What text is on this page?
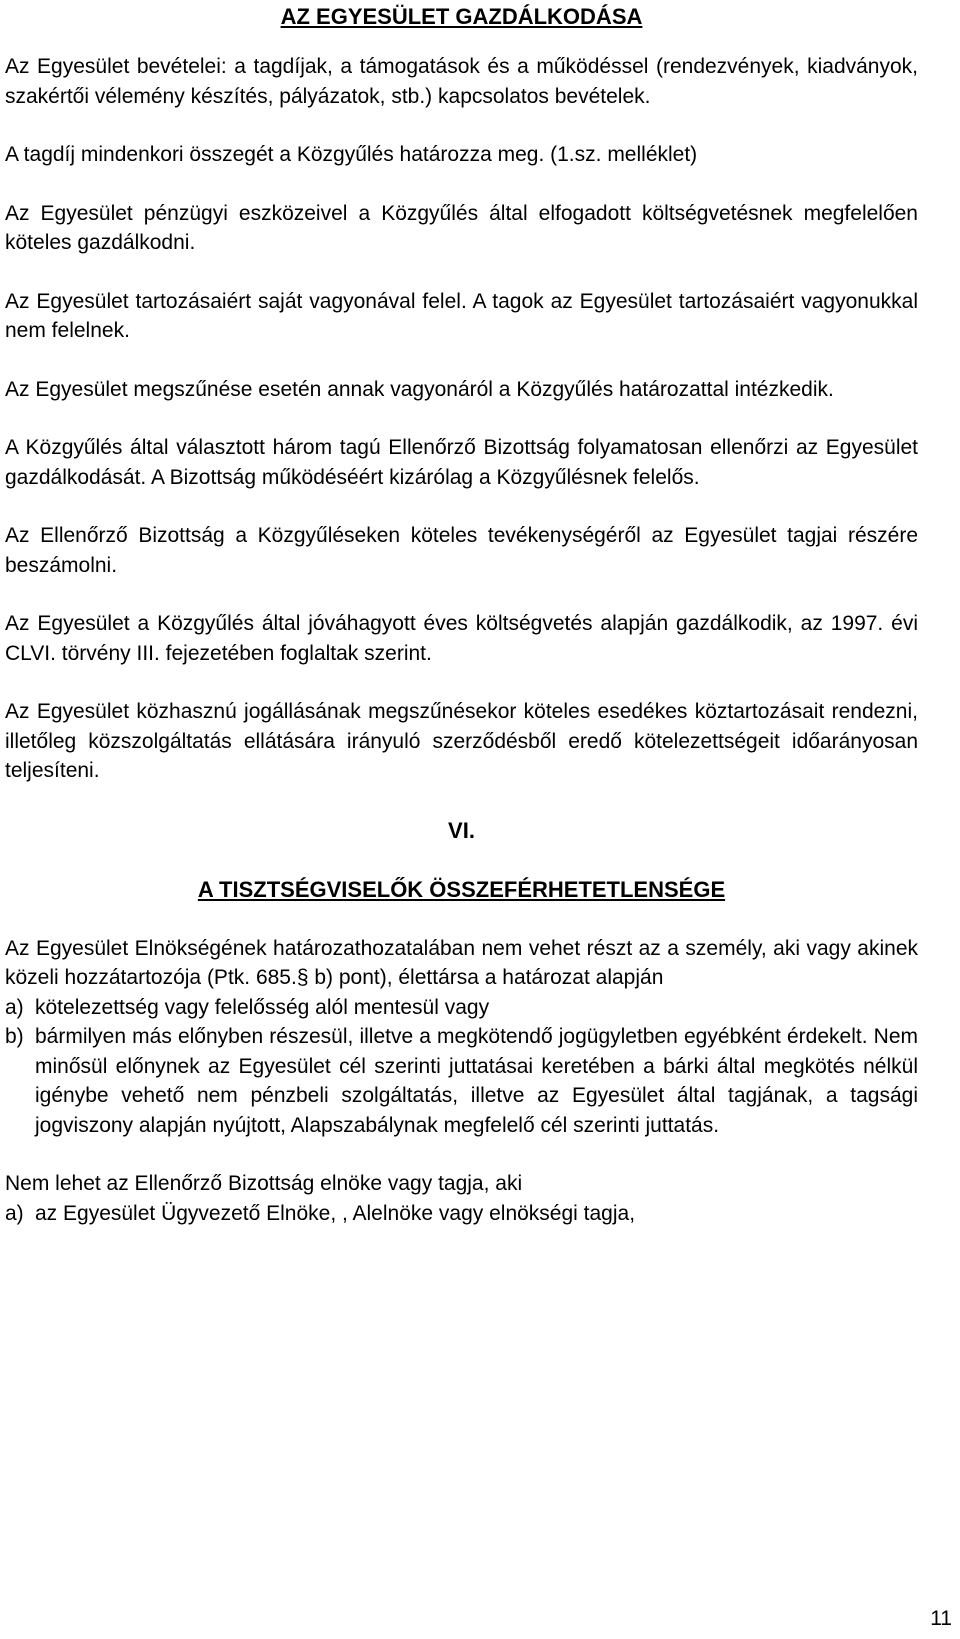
AZ EGYESÜLET GAZDÁLKODÁSA

Az Egyesület bevételei: a tagdíjak, a támogatások és a működéssel (rendezvények, kiadványok, szakértői vélemény készítés, pályázatok, stb.) kapcsolatos bevételek.

A tagdíj mindenkori összegét a Közgyűlés határozza meg. (1.sz. melléklet)

Az Egyesület pénzügyi eszközeivel a Közgyűlés által elfogadott költségvetésnek megfelelően köteles gazdálkodni.

Az Egyesület tartozásaiért saját vagyonával felel. A tagok az Egyesület tartozásaiért vagyonukkal nem felelnek.

Az Egyesület megszűnése esetén annak vagyonáról a Közgyűlés határozattal intézkedik.

A Közgyűlés által választott három tagú Ellenőrző Bizottság folyamatosan ellenőrzi az Egyesület gazdálkodását. A Bizottság működéséért kizárólag a Közgyűlésnek felelős.

Az Ellenőrző Bizottság a Közgyűléseken köteles tevékenységéről az Egyesület tagjai részére beszámolni.

Az Egyesület a Közgyűlés által jóváhagyott éves költségvetés alapján gazdálkodik, az 1997. évi CLVI. törvény III. fejezetében foglaltak szerint.

Az Egyesület közhasznú jogállásának megszűnésekor köteles esedékes köztartozásait rendezni, illetőleg közszolgáltatás ellátására irányuló szerződésből eredő kötelezettségeit időarányosan teljesíteni.

VI.
A TISZTSÉGVISELŐK ÖSSZEFÉRHETETLENSÉGE

Az Egyesület Elnökségének határozathozatalában nem vehet részt az a személy, aki vagy akinek közeli hozzátartozója (Ptk. 685.§ b) pont), élettársa a határozat alapján

a) kötelezettség vagy felelősség alól mentesül vagy
b) bármilyen más előnyben részesül, illetve a megkötendő jogügyletben egyébként érdekelt. Nem minősül előnynek az Egyesület cél szerinti juttatásai keretében a bárki által megkötés nélkül igénybe vehető nem pénzbeli szolgáltatás, illetve az Egyesület által tagjának, a tagsági jogviszony alapján nyújtott, Alapszabálynak megfelelő cél szerinti juttatás.

Nem lehet az Ellenőrző Bizottság elnöke vagy tagja, aki

a) az Egyesület Ügyvezető Elnöke, , Alelnöke vagy elnökségi tagja,
11
